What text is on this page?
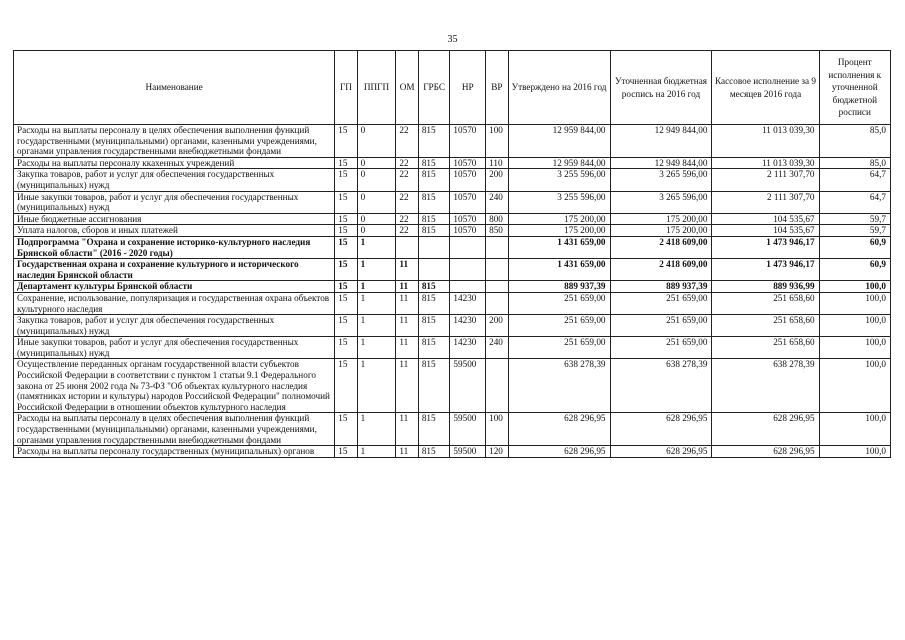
35
Наименование	ГП	ППГП	ОМ	ГРБС	НР	ВР	Утверждено на 2016 год	Уточненная бюджетная роспись на 2016 год	Кассовое исполнение за 9 месяцев 2016 года	Процент исполнения к уточненной бюджетной росписи
Расходы на выплаты персоналу в целях обеспечения выполнения функций государственными (муниципальными) органами, казенными учреждениями, органами управления государственными внебюджетными фондами	15	0	22	815	10570	100	12 959 844,00	12 949 844,00	11 013 039,30	85,0
Расходы на выплаты персоналу ккахенных учреждений	15	0	22	815	10570	110	12 959 844,00	12 949 844,00	11 013 039,30	85,0
Закупка товаров, работ и услуг для обеспечения государственных (муниципальных) нужд	15	0	22	815	10570	200	3 255 596,00	3 265 596,00	2 111 307,70	64,7
Иные закупки товаров, работ и услуг для обеспечения государственных (муниципальных) нужд	15	0	22	815	10570	240	3 255 596,00	3 265 596,00	2 111 307,70	64,7
Иные бюджетные ассигнования	15	0	22	815	10570	800	175 200,00	175 200,00	104 535,67	59,7
Уплата налогов, сборов и иных платежей	15	0	22	815	10570	850	175 200,00	175 200,00	104 535,67	59,7
Подпрограмма "Охрана и сохранение историко-культурного наследия Брянской области" (2016 - 2020 годы)	15	1					1 431 659,00	2 418 609,00	1 473 946,17	60,9
Государственная охрана и сохранение культурного и исторического наследия Брянской области	15	1	11				1 431 659,00	2 418 609,00	1 473 946,17	60,9
Департамент культуры Брянской области	15	1	11	815			889 937,39	889 937,39	889 936,99	100,0
Сохранение, использование, популяризация и государственная охрана объектов культурного наследия	15	1	11	815	14230		251 659,00	251 659,00	251 658,60	100,0
Закупка товаров, работ и услуг для обеспечения государственных (муниципальных) нужд	15	1	11	815	14230	200	251 659,00	251 659,00	251 658,60	100,0
Иные закупки товаров, работ и услуг для обеспечения государственных (муниципальных) нужд	15	1	11	815	14230	240	251 659,00	251 659,00	251 658,60	100,0
Осуществление переданных органам государственной власти субъектов Российской Федерации в соответствии с пунктом 1 статьи 9.1 Федерального закона от 25 июня 2002 года № 73-ФЗ "Об объектах культурного наследия (памятниках истории и культуры) народов Российской Федерации" полномочий Российской Федерации в отношении объектов культурного наследия	15	1	11	815	59500		638 278,39	638 278,39	638 278,39	100,0
Расходы на выплаты персоналу в целях обеспечения выполнения функций государственными (муниципальными) органами, казенными учреждениями, органами управления государственными внебюджетными фондами	15	1	11	815	59500	100	628 296,95	628 296,95	628 296,95	100,0
Расходы на выплаты персоналу государственных (муниципальных) органов	15	1	11	815	59500	120	628 296,95	628 296,95	628 296,95	100,0
